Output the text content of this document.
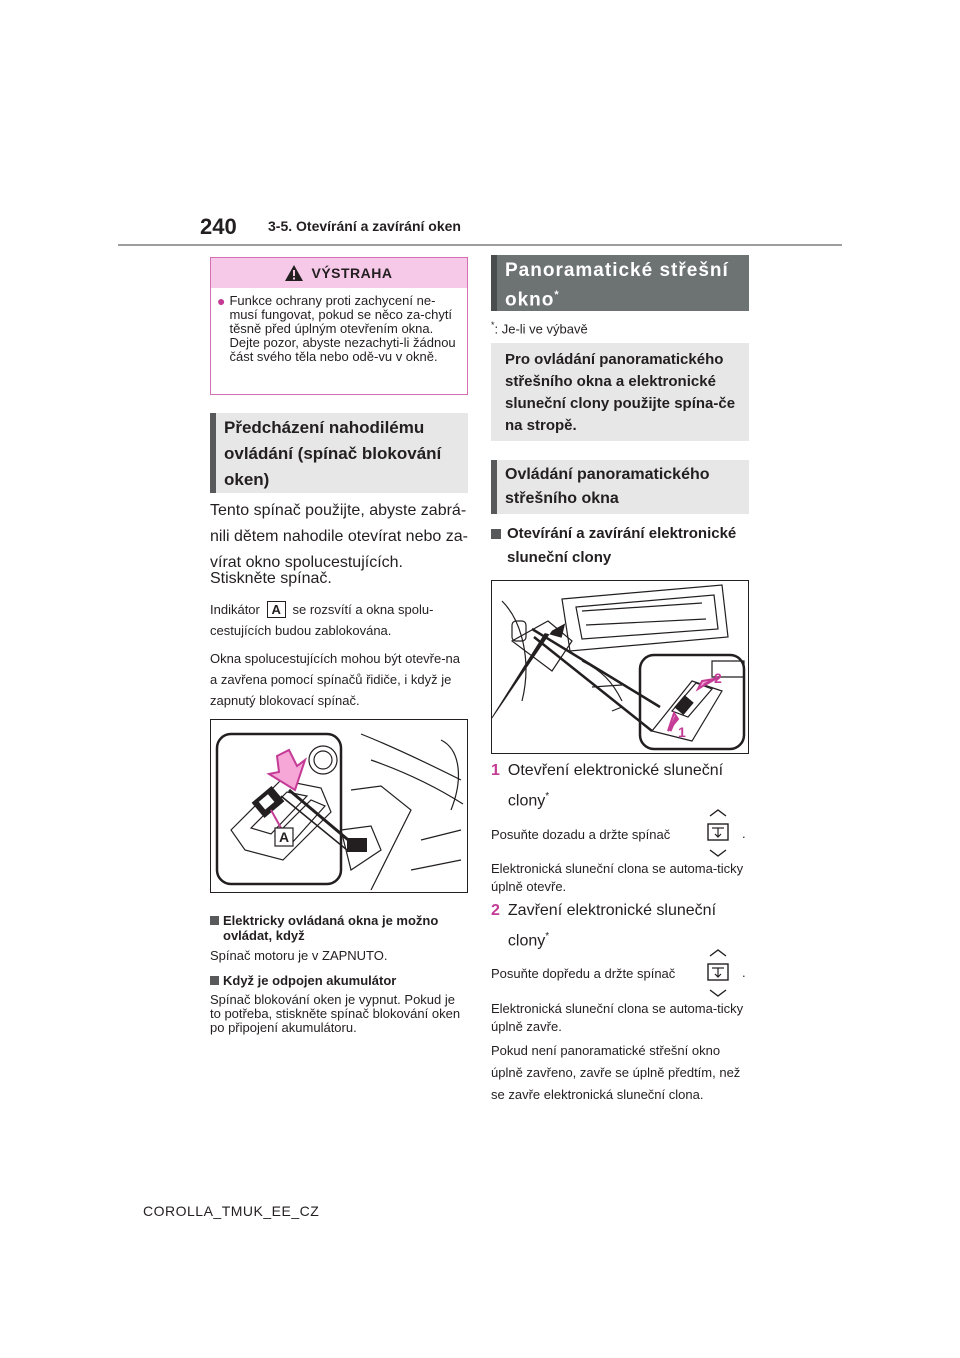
240 3-5. Otevírání a zavírání oken
VÝSTRAHA
● Funkce ochrany proti zachycení ne-musí fungovat, pokud se něco za-chytí těsně před úplným otevřením okna. Dejte pozor, abyste nezachyti-li žádnou část svého těla nebo odě-vu v okně.
Předcházení nahodilému ovládání (spínač blokování oken)
Tento spínač použijte, abyste zabrá-nili dětem nahodile otevírat nebo za-vírat okno spolucestujících.
Stiskněte spínač.
Indikátor A se rozsvítí a okna spolu-cestujících budou zablokována.
Okna spolucestujících mohou být otevře-na a zavřena pomocí spínačů řidiče, i když je zapnutý blokovací spínač.
A
Elektricky ovládaná okna je možno ovládat, když
Spínač motoru je v ZAPNUTO.
Když je odpojen akumulátor
Spínač blokování oken je vypnut. Pokud je to potřeba, stiskněte spínač blokování oken po připojení akumulátoru.
Panoramatické střešní okno*
*: Je-li ve výbavě
Pro ovládání panoramatického střešního okna a elektronické sluneční clony použijte spína-če na stropě.
Ovládání panoramatického střešního okna
Otevírání a zavírání elektronické sluneční clony
2
1
1 Otevření elektronické sluneční clony*
Posuňte dozadu a držte spínač	.
Elektronická sluneční clona se automa-ticky úplně otevře.
2 Zavření elektronické sluneční clony*
Posuňte dopředu a držte spínač	.
Elektronická sluneční clona se automa-ticky úplně zavře.
Pokud není panoramatické střešní okno úplně zavřeno, zavře se úplně předtím, než se zavře elektronická sluneční clona.
COROLLA_TMUK_EE_CZ
